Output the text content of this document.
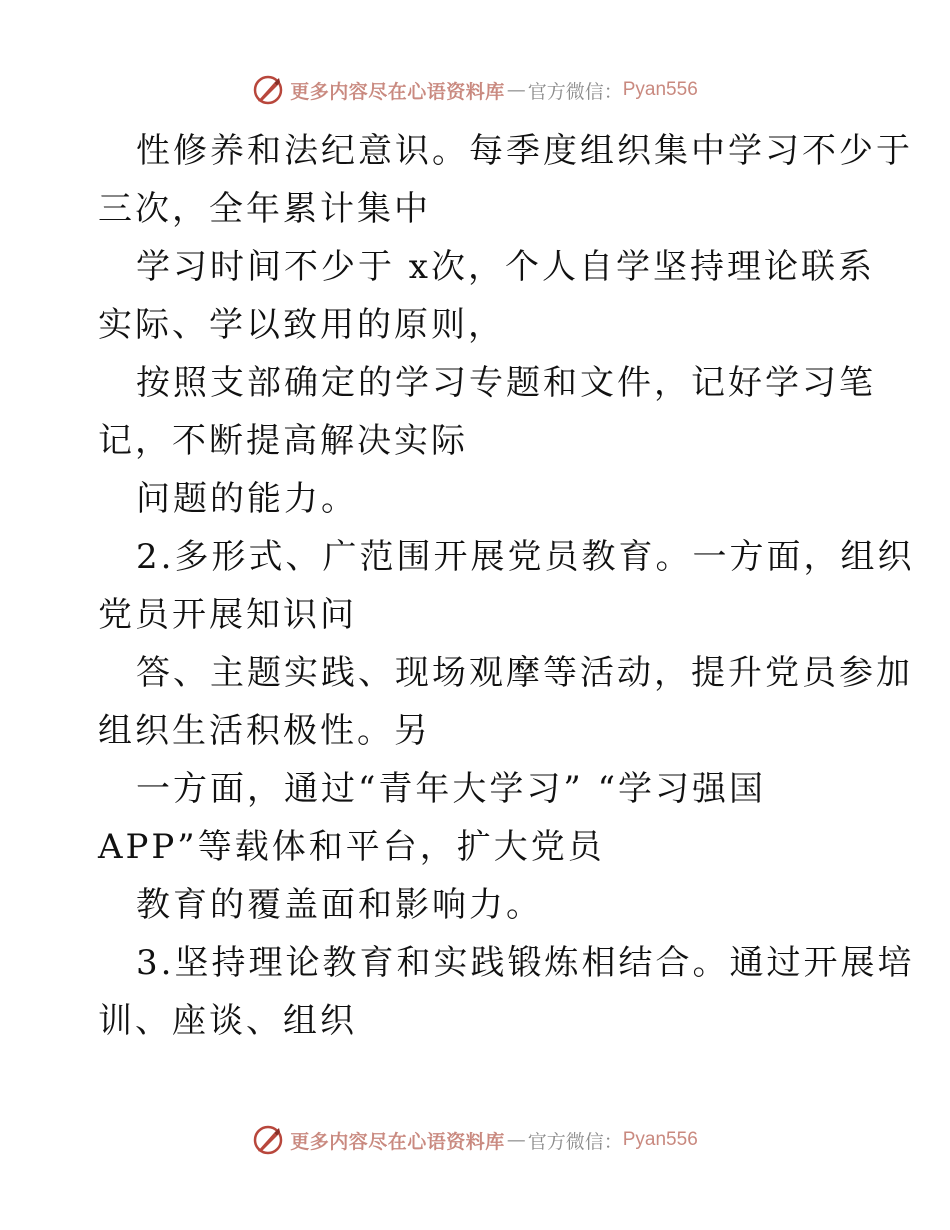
更多内容尽在心语资料库 — 官方微信： Pyan556
性修养和法纪意识。每季度组织集中学习不少于
三次，全年累计集中
学习时间不少于 x次，个人自学坚持理论联系
实际、学以致用的原则，
按照支部确定的学习专题和文件，记好学习笔
记，不断提高解决实际
问题的能力。
2.多形式、广范围开展党员教育。一方面，组织
党员开展知识问
答、主题实践、现场观摩等活动，提升党员参加
组织生活积极性。另
一方面，通过“青年大学习” “学习强国
APP”等载体和平台，扩大党员
教育的覆盖面和影响力。
3.坚持理论教育和实践锻炼相结合。通过开展培
训、座谈、组织
更多内容尽在心语资料库 — 官方微信： Pyan556
